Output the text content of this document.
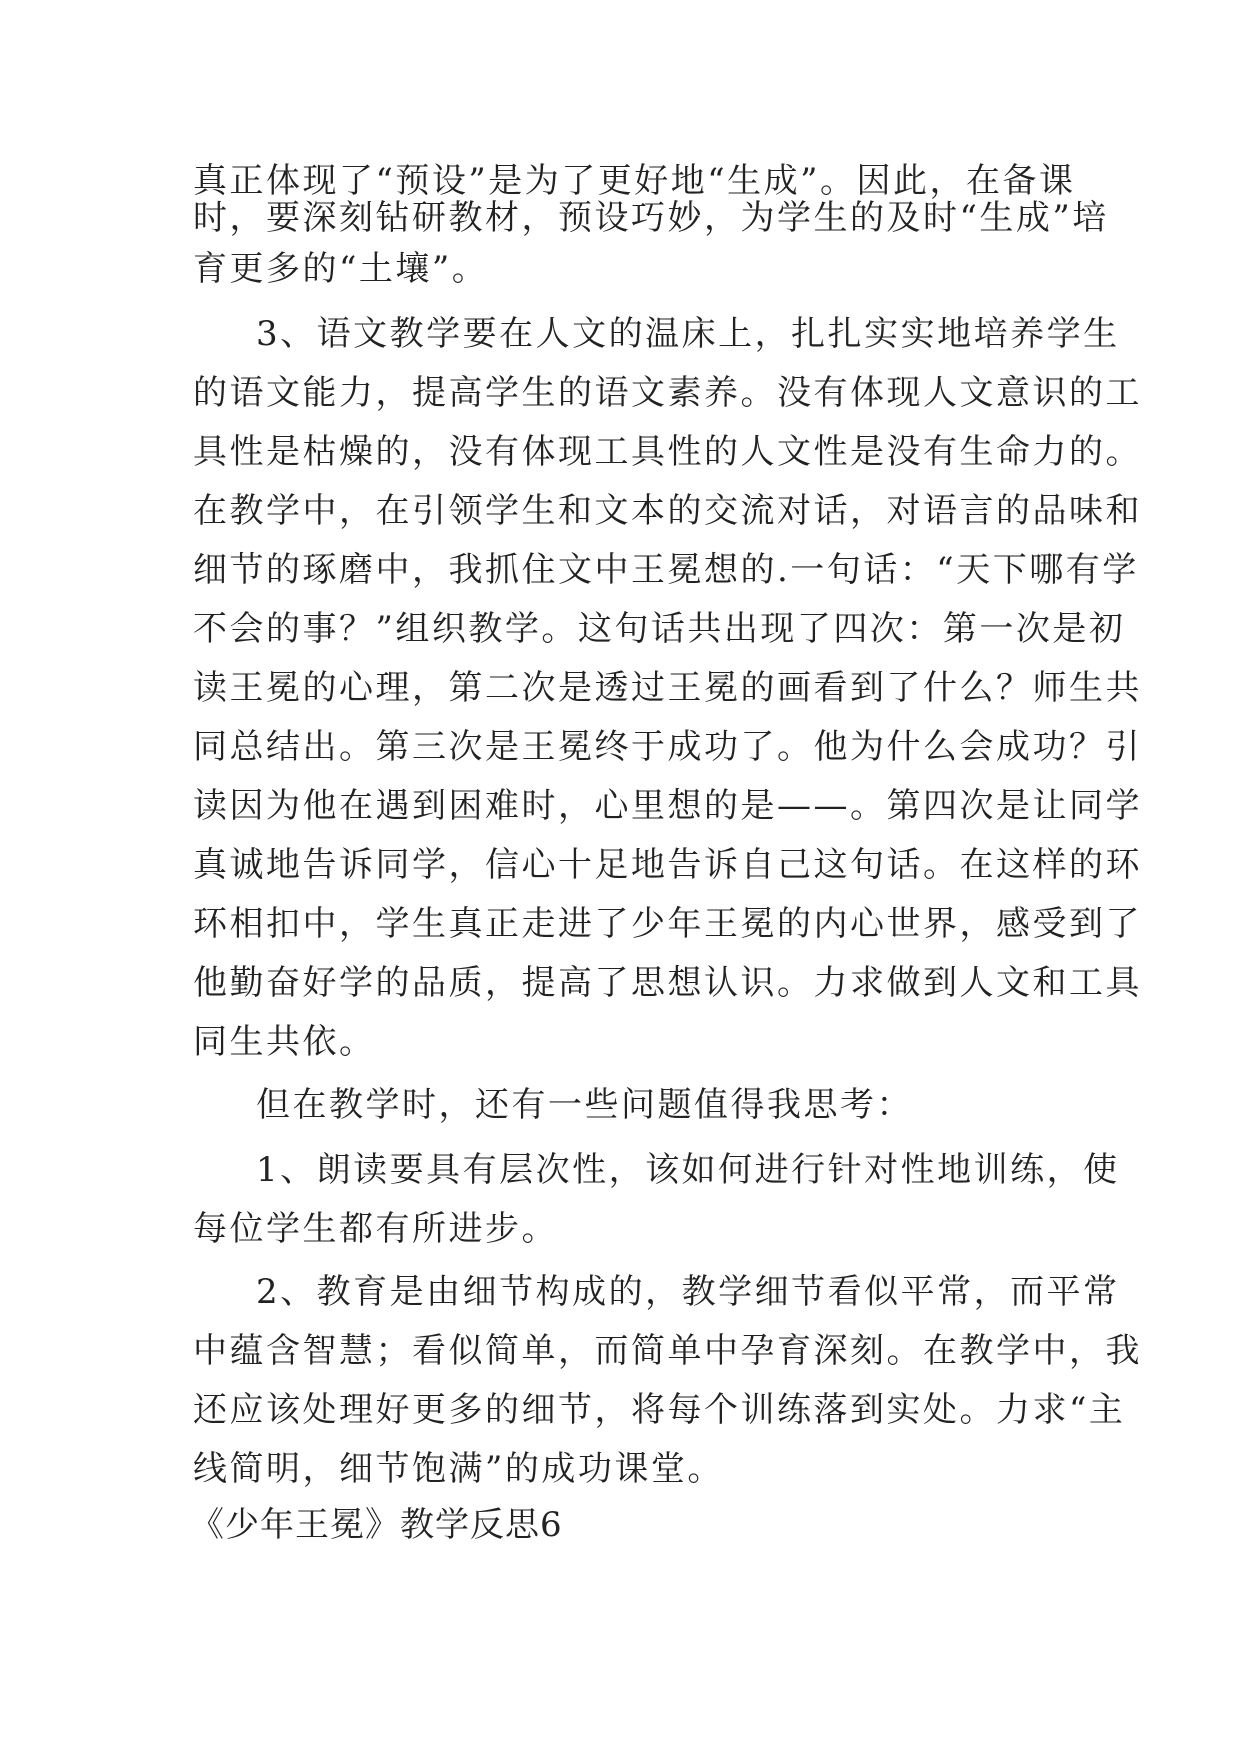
真正体现了“预设”是为了更好地“生成”。因此，在备课
时，要深刻钻研教材，预设巧妙，为学生的及时“生成”培
育更多的“土壤”。
3、语文教学要在人文的温床上，扎扎实实地培养学生
的语文能力，提高学生的语文素养。没有体现人文意识的工
具性是枯燥的，没有体现工具性的人文性是没有生命力的。
在教学中，在引领学生和文本的交流对话，对语言的品味和
细节的琢磨中，我抓住文中王冕想的.一句话：“天下哪有学
不会的事？”组织教学。这句话共出现了四次：第一次是初
读王冕的心理，第二次是透过王冕的画看到了什么？师生共
同总结出。第三次是王冕终于成功了。他为什么会成功？引
读因为他在遇到困难时，心里想的是——。第四次是让同学
真诚地告诉同学，信心十足地告诉自己这句话。在这样的环
环相扣中，学生真正走进了少年王冕的内心世界，感受到了
他勤奋好学的品质，提高了思想认识。力求做到人文和工具
同生共依。
但在教学时，还有一些问题值得我思考：
1、朗读要具有层次性，该如何进行针对性地训练，使
每位学生都有所进步。
2、教育是由细节构成的，教学细节看似平常，而平常
中蕴含智慧；看似简单，而简单中孕育深刻。在教学中，我
还应该处理好更多的细节，将每个训练落到实处。力求“主
线简明，细节饱满”的成功课堂。
《少年王冕》教学反思6
